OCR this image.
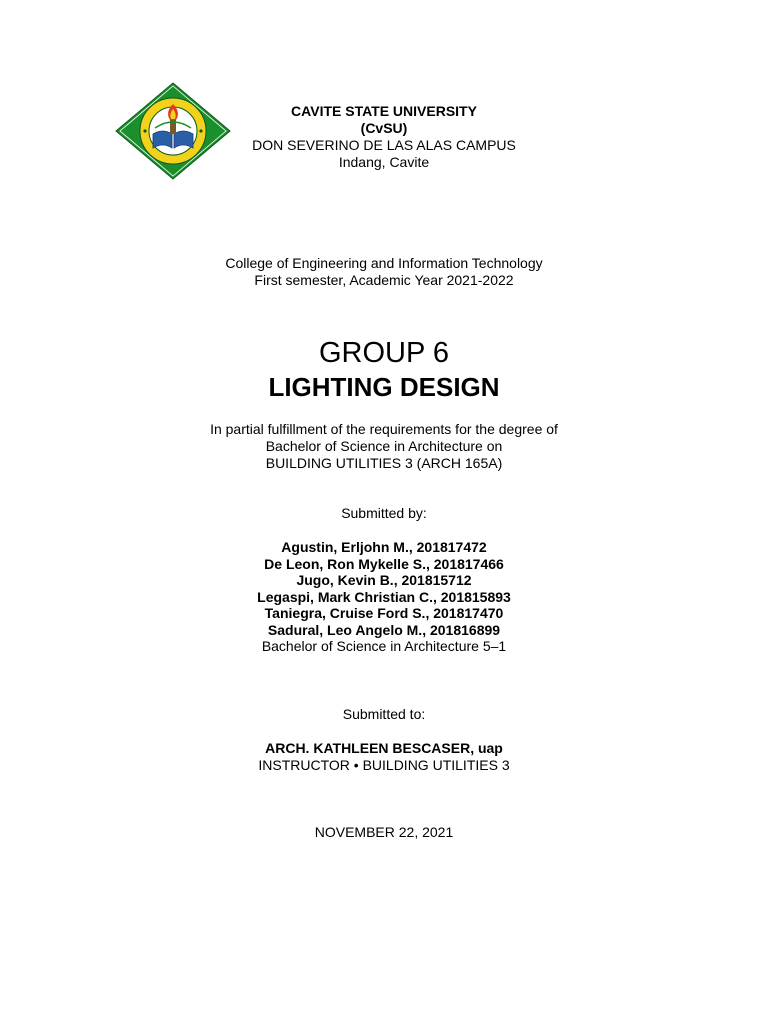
CAVITE STATE UNIVERSITY
(CvSU)
DON SEVERINO DE LAS ALAS CAMPUS
Indang, Cavite
College of Engineering and Information Technology
First semester, Academic Year 2021-2022
GROUP 6
LIGHTING DESIGN
In partial fulfillment of the requirements for the degree of
Bachelor of Science in Architecture on
BUILDING UTILITIES 3 (ARCH 165A)
Submitted by:
Agustin, Erljohn M., 201817472
De Leon, Ron Mykelle S., 201817466
Jugo, Kevin B., 201815712
Legaspi, Mark Christian C., 201815893
Taniegra, Cruise Ford S., 201817470
Sadural, Leo Angelo M., 201816899
Bachelor of Science in Architecture 5–1
Submitted to:
ARCH. KATHLEEN BESCASER, uap
INSTRUCTOR • BUILDING UTILITIES 3
NOVEMBER 22, 2021
